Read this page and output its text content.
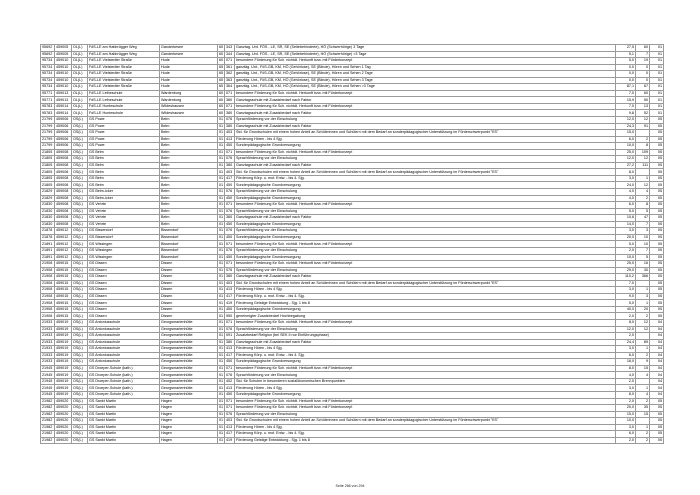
95692	459005	OL(L)	FdS-LE am Habbrügger Weg	Ganderkesee	60	343	Ganztag. Unt. FÖS - LE, SR, SE (Seitebehinderte), HÖ (Schwerhörige) 3 Tage	27,5	60	01
95692	459005	OL(L)	FdS-LE am Habbrügger Weg	Ganderkesee	60	344	Ganztag. Unt. FÖS - LE, SR, SE (Seitebehinderte), HÖ (Schwerhörige) >3 Tage	5,1	7	01
95734	459010	OL(L)	FdS-LE Vielstedter Straße	Hude	60	071	besondere Förderung für Sch. nichtdt. Herkunft bzw. mit Förderkonzept	5,0	19	01
95734	459010	OL(L)	FdS-LE Vielstedter Straße	Hude	65	361	ganztäg. Unt., FöS-GB, KM, HÖ (Gehörlose), SE (Blinde), Hören und Sehen 1 Tag	0,0	0	01
95734	459010	OL(L)	FdS-LE Vielstedter Straße	Hude	65	362	ganztäg. Unt., FöS-GB, KM, HÖ (Gehörlose), SE (Blinde), Hören und Sehen 2 Tage	0,0	0	01
95734	459010	OL(L)	FdS-LE Vielstedter Straße	Hude	65	363	ganztäg. Unt., FöS-GB, KM, HÖ (Gehörlose), SE (Blinde), Hören und Sehen 3 Tage	0,0	0	01
95734	459010	OL(L)	FdS-LE Vielstedter Straße	Hude	65	364	ganztäg. Unt., FöS-GB, KM, HÖ (Gehörlose), SE (Blinde), Hören und Sehen >3 Tage	87,1	67	01
95771	459013	OL(L)	FdS-LE Letheschule	Wardenburg	60	071	besondere Förderung für Sch. nichtdt. Herkunft bzw. mit Förderkonzept	7,0	60	01
95771	459013	OL(L)	FdS-LE Letheschule	Wardenburg	60	380	Ganztagsschule mit Zusatzbedarf nach Faktor	15,9	50	01
95783	459014	OL(L)	FdS-LE Hunteschule	Wildeshausen	60	071	besondere Förderung für Sch. nichtdt. Herkunft bzw. mit Förderkonzept	7,0	13	01
95783	459014	OL(L)	FdS-LE Hunteschule	Wildeshausen	60	380	Ganztagsschule mit Zusatzbedarf nach Faktor	9,8	52	01
21799	459006	OS(L)	GS Powe	Belm	01	076	Sprachförderung vor der Einschulung	12,0	12	05
21799	459006	OS(L)	GS Powe	Belm	01	380	Ganztagsschule mit Zusatzbedarf nach Faktor	24,3	91	05
21799	459006	OS(L)	GS Powe	Belm	01	403	Std. für Grundschulen mit einem hohen Anteil an Schülerinnen und Schülern mit dem Bedarf an sonderpädagogischer Unterstützung im Förderschwerpunkt "ES"	15,0		05
21799	459006	OS(L)	GS Powe	Belm	01	413	Förderung Hören - bis 4 Sjg.	6,0	2	05
21799	459006	OS(L)	GS Powe	Belm	01	450	Sonderpädagogische Grundversorgung	10,0	8	05
21805	459008	OS(L)	GS Belm	Belm	01	071	besondere Förderung für Sch. nichtdt. Herkunft bzw. mit Förderkonzept	25,0	109	05
21805	459008	OS(L)	GS Belm	Belm	01	076	Sprachförderung vor der Einschulung	12,0	12	05
21805	459008	OS(L)	GS Belm	Belm	01	380	Ganztagsschule mit Zusatzbedarf nach Faktor	27,2	111	05
21805	459008	OS(L)	GS Belm	Belm	01	403	Std. für Grundschulen mit einem hohen Anteil an Schülerinnen und Schülern mit dem Bedarf an sonderpädagogischer Unterstützung im Förderschwerpunkt "ES"	8,0		05
21805	459008	OS(L)	GS Belm	Belm	01	417	Förderung Körp. u. mot. Entw. - bis 4. Sjg.	3,0	1	05
21805	459008	OS(L)	GS Belm	Belm	01	450	Sonderpädagogische Grundversorgung	24,0	12	05
21829	459008	OS(L)	GS Belm-Icker	Belm	01	076	Sprachförderung vor der Einschulung	4,0	4	05
21829	459008	OS(L)	GS Belm-Icker	Belm	01	450	Sonderpädagogische Grundversorgung	4,0	2	05
21830	459008	OS(L)	GS Vehrte	Belm	01	071	besondere Förderung für Sch. nichtdt. Herkunft bzw. mit Förderkonzept	6,0	8	05
21830	459008	OS(L)	GS Vehrte	Belm	01	076	Sprachförderung vor der Einschulung	5,0	5	05
21830	459008	OS(L)	GS Vehrte	Belm	01	380	Ganztagsschule mit Zusatzbedarf nach Faktor	10,6	47	05
21830	459008	OS(L)	GS Vehrte	Belm	01	450	Sonderpädagogische Grundversorgung	14,0	7	05
21878	459012	OS(L)	GS Bissendorf	Bissendorf	01	076	Sprachförderung vor der Einschulung	3,0	3	05
21878	459012	OS(L)	GS Bissendorf	Bissendorf	01	450	Sonderpädagogische Grundversorgung	20,0	10	05
21891	459012	OS(L)	GS Wissingen	Bissendorf	01	071	besondere Förderung für Sch. nichtdt. Herkunft bzw. mit Förderkonzept	5,0	10	05
21891	459012	OS(L)	GS Wissingen	Bissendorf	01	076	Sprachförderung vor der Einschulung	2,0	7	05
21891	459012	OS(L)	GS Wissingen	Bissendorf	01	450	Sonderpädagogische Grundversorgung	10,0	5	05
21908	459015	OS(L)	GS Dissen	Dissen	01	071	besondere Förderung für Sch. nichtdt. Herkunft bzw. mit Förderkonzept	25,0	16	05
21908	459015	OS(L)	GS Dissen	Dissen	01	076	Sprachförderung vor der Einschulung	29,0	30	05
21908	459015	OS(L)	GS Dissen	Dissen	01	380	Ganztagsschule mit Zusatzbedarf nach Faktor	110,2	366	05
21908	459015	OS(L)	GS Dissen	Dissen	01	403	Std. für Grundschulen mit einem hohen Anteil an Schülerinnen und Schülern mit dem Bedarf an sonderpädagogischer Unterstützung im Förderschwerpunkt "ES"	7,0		05
21908	459015	OS(L)	GS Dissen	Dissen	01	413	Förderung Hören - bis 4 Sjg.	3,0	1	05
21908	459015	OS(L)	GS Dissen	Dissen	01	417	Förderung Körp. u. mot. Entw. - bis 4. Sjg.	9,0	3	05
21908	459015	OS(L)	GS Dissen	Dissen	01	419	Förderung Geistige Entwicklung - Sjg. 1 bis 8	5,0	1	05
21908	459015	OS(L)	GS Dissen	Dissen	01	450	Sonderpädagogische Grundversorgung	40,0	20	05
21908	459015	OS(L)	GS Dissen	Dissen	01	950	genehmigter Zusatzbedarf Hochbegabung	2,0	2	05
21933	459019	OS(L)	GS Antoniusschule	Georgsmarienhütte	01	071	besondere Förderung für Sch. nichtdt. Herkunft bzw. mit Förderkonzept	8,0	12	04
21933	459019	OS(L)	GS Antoniusschule	Georgsmarienhütte	01	076	Sprachförderung vor der Einschulung	12,0	12	04
21933	459019	OS(L)	GS Antoniusschule	Georgsmarienhütte	01	091	Zusatzbedarf Religion (bei SEK II nur Einführungsphase)	2,0		04
21933	459019	OS(L)	GS Antoniusschule	Georgsmarienhütte	01	380	Ganztagsschule mit Zusatzbedarf nach Faktor	24,4	89	04
21933	459019	OS(L)	GS Antoniusschule	Georgsmarienhütte	01	413	Förderung Hören - bis 4 Sjg.	3,0	1	04
21933	459019	OS(L)	GS Antoniusschule	Georgsmarienhütte	01	417	Förderung Körp. u. mot. Entw. - bis 4. Sjg.	6,0	2	04
21933	459019	OS(L)	GS Antoniusschule	Georgsmarienhütte	01	450	Sonderpädagogische Grundversorgung	18,0	9	04
21945	459019	OS(L)	GS Droeper-Schule (kath.)	Georgsmarienhütte	01	071	besondere Förderung für Sch. nichtdt. Herkunft bzw. mit Förderkonzept	8,0	15	04
21945	459019	OS(L)	GS Droeper-Schule (kath.)	Georgsmarienhütte	01	076	Sprachförderung vor der Einschulung	4,0	4	04
21945	459019	OS(L)	GS Droeper-Schule (kath.)	Georgsmarienhütte	01	402	Std. für Schulen in besonderen sozialökonomischen Brennpunkten	2,0		04
21945	459019	OS(L)	GS Droeper-Schule (kath.)	Georgsmarienhütte	01	413	Förderung Hören - bis 4 Sjg.	3,0	1	04
21945	459019	OS(L)	GS Droeper-Schule (kath.)	Georgsmarienhütte	01	450	Sonderpädagogische Grundversorgung	8,0	4	04
21982	459020	OS(L)	GS Sankt Martin	Hagen	01	071	besondere Förderung für Sch. nichtdt. Herkunft bzw. mit Förderkonzept	2,0	2	05
21982	459020	OS(L)	GS Sankt Martin	Hagen	01	071	besondere Förderung für Sch. nichtdt. Herkunft bzw. mit Förderkonzept	20,0	35	05
21982	459020	OS(L)	GS Sankt Martin	Hagen	01	076	Sprachförderung vor der Einschulung	15,0	15	05
21982	459020	OS(L)	GS Sankt Martin	Hagen	01	403	Std. für Grundschulen mit einem hohen Anteil an Schülerinnen und Schülern mit dem Bedarf an sonderpädagogischer Unterstützung im Förderschwerpunkt "ES"	10,0		05
21982	459020	OS(L)	GS Sankt Martin	Hagen	01	413	Förderung Hören - bis 4 Sjg.	3,0	1	05
21982	459020	OS(L)	GS Sankt Martin	Hagen	01	417	Förderung Körp. u. mot. Entw. - bis 4. Sjg.	6,0	2	05
21982	459020	OS(L)	GS Sankt Martin	Hagen	01	419	Förderung Geistige Entwicklung - Sjg. 1 bis 8	2,0	2	05
Seite 266 von 294
